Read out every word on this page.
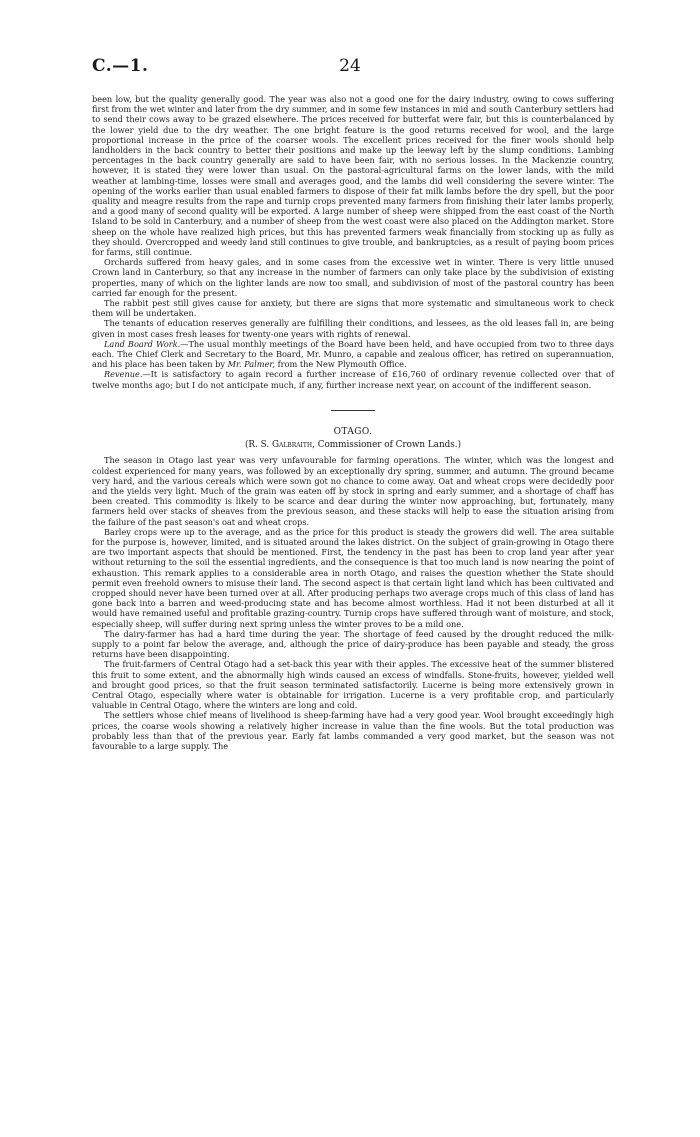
24
C.—1.

been low, but the quality generally good. The year was also not a good one for the dairy industry, owing to cows suffering first from the wet winter and later from the dry summer, and in some few instances in mid and south Canterbury settlers had to send their cows away to be grazed elsewhere. The prices received for butterfat were fair, but this is counterbalanced by the lower yield due to the dry weather. The one bright feature is the good returns received for wool, and the large proportional increase in the price of the coarser wools. The excellent prices received for the finer wools should help landholders in the back country to better their positions and make up the leeway left by the slump conditions. Lambing percentages in the back country generally are said to have been fair, with no serious losses. In the Mackenzie country, however, it is stated they were lower than usual. On the pastoral-agricultural farms on the lower lands, with the mild weather at lambing-time, losses were small and averages good, and the lambs did well considering the severe winter. The opening of the works earlier than usual enabled farmers to dispose of their fat milk lambs before the dry spell, but the poor quality and meagre results from the rape and turnip crops prevented many farmers from finishing their later lambs properly, and a good many of second quality will be exported. A large number of sheep were shipped from the east coast of the North Island to be sold in Canterbury, and a number of sheep from the west coast were also placed on the Addington market. Store sheep on the whole have realized high prices, but this has prevented farmers weak financially from stocking up as fully as they should. Overcropped and weedy land still continues to give trouble, and bankruptcies, as a result of paying boom prices for farms, still continue.

Orchards suffered from heavy gales, and in some cases from the excessive wet in winter. There is very little unused Crown land in Canterbury, so that any increase in the number of farmers can only take place by the subdivision of existing properties, many of which on the lighter lands are now too small, and subdivision of most of the pastoral country has been carried far enough for the present.

The rabbit pest still gives cause for anxiety, but there are signs that more systematic and simultaneous work to check them will be undertaken.

The tenants of education reserves generally are fulfilling their conditions, and lessees, as the old leases fall in, are being given in most cases fresh leases for twenty-one years with rights of renewal.

Land Board Work.—The usual monthly meetings of the Board have been held, and have occupied from two to three days each. The Chief Clerk and Secretary to the Board, Mr. Munro, a capable and zealous officer, has retired on superannuation, and his place has been taken by Mr. Palmer, from the New Plymouth Office.

Revenue.—It is satisfactory to again record a further increase of £16,760 of ordinary revenue collected over that of twelve months ago; but I do not anticipate much, if any, further increase next year, on account of the indifferent season.

OTAGO.
(R. S. Galbraith, Commissioner of Crown Lands.)

The season in Otago last year was very unfavourable for farming operations. The winter, which was the longest and coldest experienced for many years, was followed by an exceptionally dry spring, summer, and autumn. The ground became very hard, and the various cereals which were sown got no chance to come away. Oat and wheat crops were decidedly poor and the yields very light. Much of the grain was eaten off by stock in spring and early summer, and a shortage of chaff has been created. This commodity is likely to be scarce and dear during the winter now approaching, but, fortunately, many farmers held over stacks of sheaves from the previous season, and these stacks will help to ease the situation arising from the failure of the past season's oat and wheat crops.

Barley crops were up to the average, and as the price for this product is steady the growers did well. The area suitable for the purpose is, however, limited, and is situated around the lakes district. On the subject of grain-growing in Otago there are two important aspects that should be mentioned. First, the tendency in the past has been to crop land year after year without returning to the soil the essential ingredients, and the consequence is that too much land is now nearing the point of exhaustion. This remark applies to a considerable area in north Otago, and raises the question whether the State should permit even freehold owners to misuse their land. The second aspect is that certain light land which has been cultivated and cropped should never have been turned over at all. After producing perhaps two average crops much of this class of land has gone back into a barren and weed-producing state and has become almost worthless. Had it not been disturbed at all it would have remained useful and profitable grazing-country. Turnip crops have suffered through want of moisture, and stock, especially sheep, will suffer during next spring unless the winter proves to be a mild one.

The dairy-farmer has had a hard time during the year. The shortage of feed caused by the drought reduced the milk-supply to a point far below the average, and, although the price of dairy-produce has been payable and steady, the gross returns have been disappointing.

The fruit-farmers of Central Otago had a set-back this year with their apples. The excessive heat of the summer blistered this fruit to some extent, and the abnormally high winds caused an excess of windfalls. Stone-fruits, however, yielded well and brought good prices, so that the fruit season terminated satisfactorily. Lucerne is being more extensively grown in Central Otago, especially where water is obtainable for irrigation. Lucerne is a very profitable crop, and particularly valuable in Central Otago, where the winters are long and cold.

The settlers whose chief means of livelihood is sheep-farming have had a very good year. Wool brought exceedingly high prices, the coarse wools showing a relatively higher increase in value than the fine wools. But the total production was probably less than that of the previous year. Early fat lambs commanded a very good market, but the season was not favourable to a large supply. The
